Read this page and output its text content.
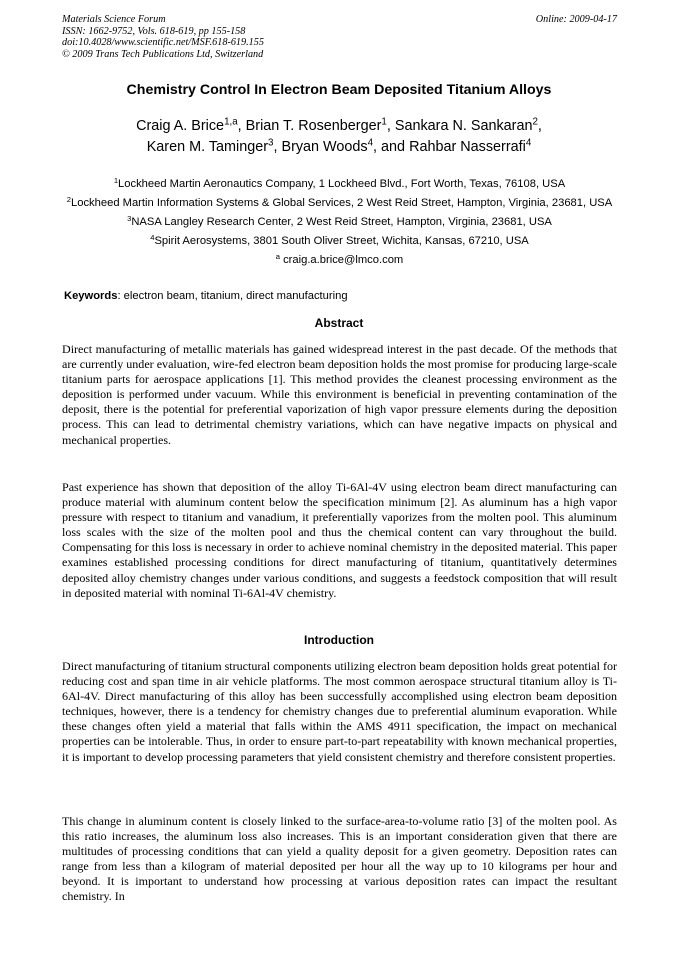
Materials Science Forum
ISSN: 1662-9752, Vols. 618-619, pp 155-158
doi:10.4028/www.scientific.net/MSF.618-619.155
© 2009 Trans Tech Publications Ltd, Switzerland
Online: 2009-04-17
Chemistry Control In Electron Beam Deposited Titanium Alloys
Craig A. Brice$^{1,a}$, Brian T. Rosenberger$^1$, Sankara N. Sankaran$^2$,
Karen M. Taminger$^3$, Bryan Woods$^4$, and Rahbar Nasserrafi$^4$

$^1$Lockheed Martin Aeronautics Company, 1 Lockheed Blvd., Fort Worth, Texas, 76108, USA

$^2$Lockheed Martin Information Systems & Global Services, 2 West Reid Street, Hampton, Virginia, 23681, USA

$^3$NASA Langley Research Center, 2 West Reid Street, Hampton, Virginia, 23681, USA

$^4$Spirit Aerosystems, 3801 South Oliver Street, Wichita, Kansas, 67210, USA

$^a$ craig.a.brice@lmco.com

Keywords: electron beam, titanium, direct manufacturing
Abstract

Direct manufacturing of metallic materials has gained widespread interest in the past decade. Of the methods that are currently under evaluation, wire-fed electron beam deposition holds the most promise for producing large-scale titanium parts for aerospace applications [1]. This method provides the cleanest processing environment as the deposition is performed under vacuum. While this environment is beneficial in preventing contamination of the deposit, there is the potential for preferential vaporization of high vapor pressure elements during the deposition process. This can lead to detrimental chemistry variations, which can have negative impacts on physical and mechanical properties.

Past experience has shown that deposition of the alloy Ti-6Al-4V using electron beam direct manufacturing can produce material with aluminum content below the specification minimum [2]. As aluminum has a high vapor pressure with respect to titanium and vanadium, it preferentially vaporizes from the molten pool. This aluminum loss scales with the size of the molten pool and thus the chemical content can vary throughout the build. Compensating for this loss is necessary in order to achieve nominal chemistry in the deposited material. This paper examines established processing conditions for direct manufacturing of titanium, quantitatively determines deposited alloy chemistry changes under various conditions, and suggests a feedstock composition that will result in deposited material with nominal Ti-6Al-4V chemistry.

Introduction

Direct manufacturing of titanium structural components utilizing electron beam deposition holds great potential for reducing cost and span time in air vehicle platforms. The most common aerospace structural titanium alloy is Ti-6Al-4V. Direct manufacturing of this alloy has been successfully accomplished using electron beam deposition techniques, however, there is a tendency for chemistry changes due to preferential aluminum evaporation. While these changes often yield a material that falls within the AMS 4911 specification, the impact on mechanical properties can be intolerable. Thus, in order to ensure part-to-part repeatability with known mechanical properties, it is important to develop processing parameters that yield consistent chemistry and therefore consistent properties.

This change in aluminum content is closely linked to the surface-area-to-volume ratio [3] of the molten pool. As this ratio increases, the aluminum loss also increases. This is an important consideration given that there are multitudes of processing conditions that can yield a quality deposit for a given geometry. Deposition rates can range from less than a kilogram of material deposited per hour all the way up to 10 kilograms per hour and beyond. It is important to understand how processing at various deposition rates can impact the resultant chemistry. In
